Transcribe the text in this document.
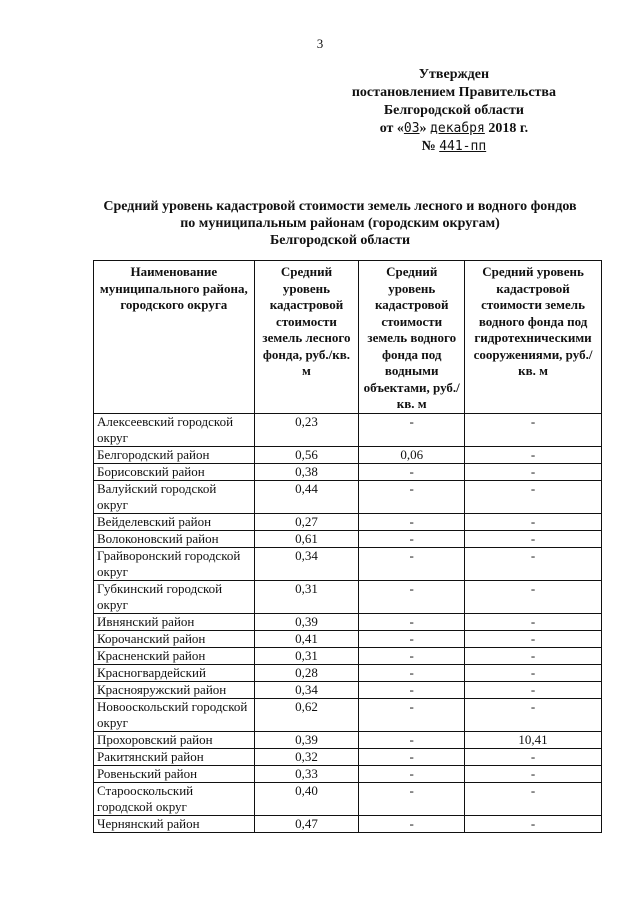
3
Утвержден
постановлением Правительства
Белгородской области
от «03» декабря 2018 г.
№ 441-пп
Средний уровень кадастровой стоимости земель лесного и водного фондов
по муниципальным районам (городским округам)
Белгородской области
Наименование муниципального района, городского округа	Средний уровень кадастровой стоимости земель лесного фонда, руб./кв. м	Средний уровень кадастровой стоимости земель водного фонда под водными объектами, руб./кв. м	Средний уровень кадастровой стоимости земель водного фонда под гидротехническими сооружениями, руб./кв. м
Алексеевский городской округ	0,23	-	-
Белгородский район	0,56	0,06	-
Борисовский район	0,38	-	-
Валуйский городской округ	0,44	-	-
Вейделевский район	0,27	-	-
Волоконовский район	0,61	-	-
Грайворонский городской округ	0,34	-	-
Губкинский городской округ	0,31	-	-
Ивнянский район	0,39	-	-
Корочанский район	0,41	-	-
Красненский район	0,31	-	-
Красногвардейский	0,28	-	-
Краснояружский район	0,34	-	-
Новооскольский городской округ	0,62	-	-
Прохоровский район	0,39	-	10,41
Ракитянский район	0,32	-	-
Ровеньский район	0,33	-	-
Старооскольский городской округ	0,40	-	-
Чернянский район	0,47	-	-
